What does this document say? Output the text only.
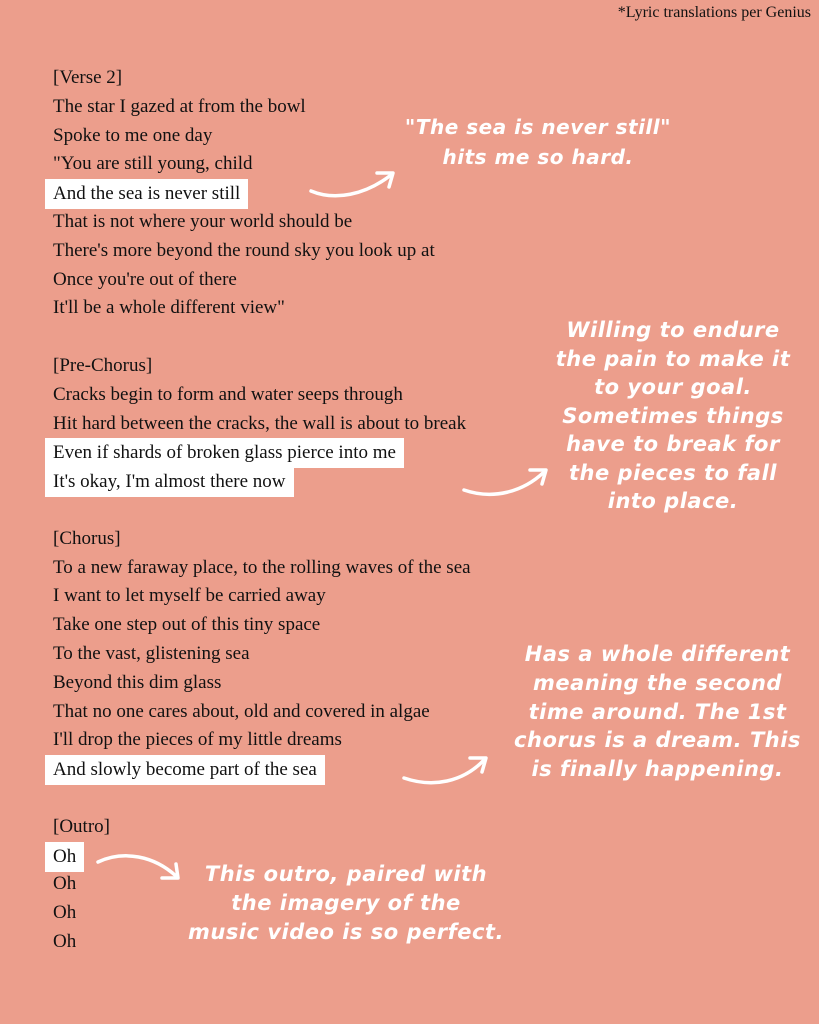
*Lyric translations per Genius
[Verse 2]
The star I gazed at from the bowl
Spoke to me one day
"You are still young, child
And the sea is never still
That is not where your world should be
There's more beyond the round sky you look up at
Once you're out of there
It'll be a whole different view"
[Pre-Chorus]
Cracks begin to form and water seeps through
Hit hard between the cracks, the wall is about to break
Even if shards of broken glass pierce into me
It's okay, I'm almost there now
[Chorus]
To a new faraway place, to the rolling waves of the sea
I want to let myself be carried away
Take one step out of this tiny space
To the vast, glistening sea
Beyond this dim glass
That no one cares about, old and covered in algae
I'll drop the pieces of my little dreams
And slowly become part of the sea
[Outro]
Oh
Oh
Oh
Oh
"The sea is never still"
hits me so hard.
Willing to endure
the pain to make it
to your goal.
Sometimes things
have to break for
the pieces to fall
into place.
Has a whole different
meaning the second
time around. The 1st
chorus is a dream. This
is finally happening.
This outro, paired with
the imagery of the
music video is so perfect.
